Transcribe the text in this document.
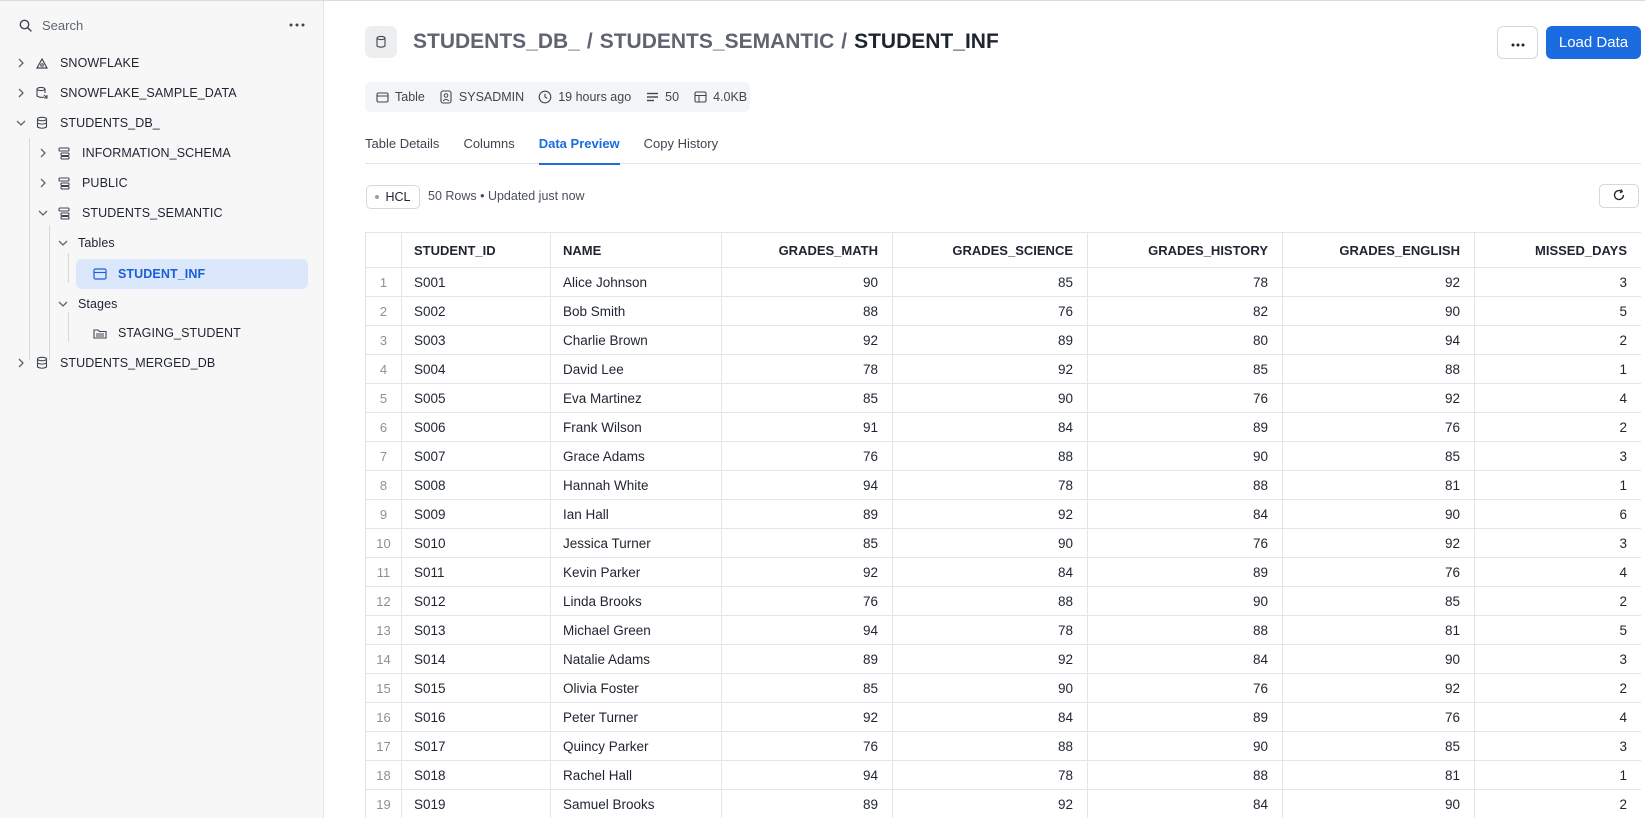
Search
SNOWFLAKE
SNOWFLAKE_SAMPLE_DATA
STUDENTS_DB_
INFORMATION_SCHEMA
PUBLIC
STUDENTS_SEMANTIC
Tables
STUDENT_INF
Stages
STAGING_STUDENT
STUDENTS_MERGED_DB
STUDENTS_DB_ / STUDENTS_SEMANTIC / STUDENT_INF	Load Data
Table	SYSADMIN	19 hours ago	50	4.0KB
Table Details Columns Data Preview Copy History
HCL 50 Rows • Updated just now
	STUDENT_ID	NAME	GRADES_MATH	GRADES_SCIENCE	GRADES_HISTORY	GRADES_ENGLISH	MISSED_DAYS
1	S001	Alice Johnson	90	85	78	92	3
2	S002	Bob Smith	88	76	82	90	5
3	S003	Charlie Brown	92	89	80	94	2
4	S004	David Lee	78	92	85	88	1
5	S005	Eva Martinez	85	90	76	92	4
6	S006	Frank Wilson	91	84	89	76	2
7	S007	Grace Adams	76	88	90	85	3
8	S008	Hannah White	94	78	88	81	1
9	S009	Ian Hall	89	92	84	90	6
10	S010	Jessica Turner	85	90	76	92	3
11	S011	Kevin Parker	92	84	89	76	4
12	S012	Linda Brooks	76	88	90	85	2
13	S013	Michael Green	94	78	88	81	5
14	S014	Natalie Adams	89	92	84	90	3
15	S015	Olivia Foster	85	90	76	92	2
16	S016	Peter Turner	92	84	89	76	4
17	S017	Quincy Parker	76	88	90	85	3
18	S018	Rachel Hall	94	78	88	81	1
19	S019	Samuel Brooks	89	92	84	90	2
